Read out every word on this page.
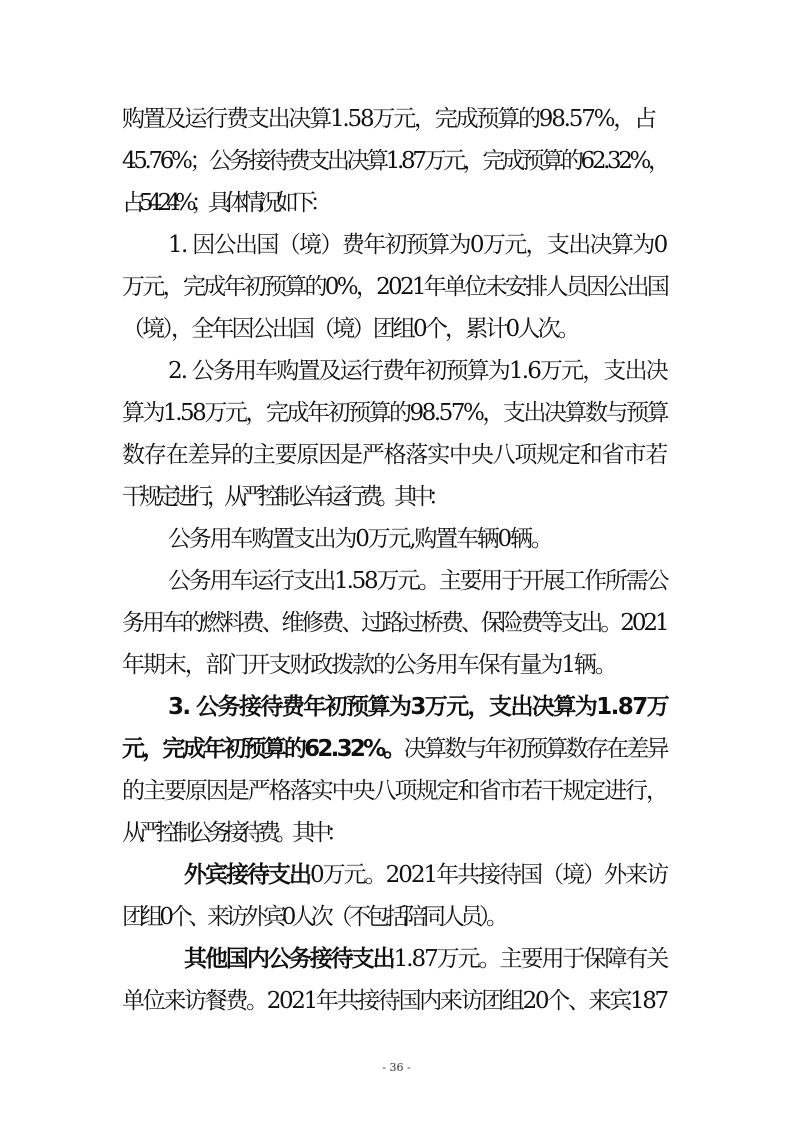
购置及运行费支出决算1.58万元，完成预算的98.57%，占
45.76%；公务接待费支出决算1.87万元，完成预算的62.32%，
占54.24%；具体情况如下：
1. 因公出国（境）费年初预算为0万元，支出决算为0
万元，完成年初预算的0%，2021年单位未安排人员因公出国
（境），全年因公出国（境）团组0个，累计0人次。
2. 公务用车购置及运行费年初预算为1.6万元，支出决
算为1.58万元，完成年初预算的98.57%，支出决算数与预算
数存在差异的主要原因是严格落实中央八项规定和省市若
干规定进行，从严控制公车运行费。其中：
公务用车购置支出为0万元,购置车辆0辆。
公务用车运行支出1.58万元。主要用于开展工作所需公
务用车的燃料费、维修费、过路过桥费、保险费等支出。2021
年期末，部门开支财政拨款的公务用车保有量为1辆。
3. 公务接待费年初预算为3万元，支出决算为1.87万
元，完成年初预算的62.32%。决算数与年初预算数存在差异
的主要原因是严格落实中央八项规定和省市若干规定进行，
从严控制公务接待费。其中：
外宾接待支出0万元。2021年共接待国（境）外来访
团组0个、来访外宾0人次（不包括陪同人员）。
其他国内公务接待支出1.87万元。主要用于保障有关
单位来访餐费。2021年共接待国内来访团组20个、来宾187
- 36 -
